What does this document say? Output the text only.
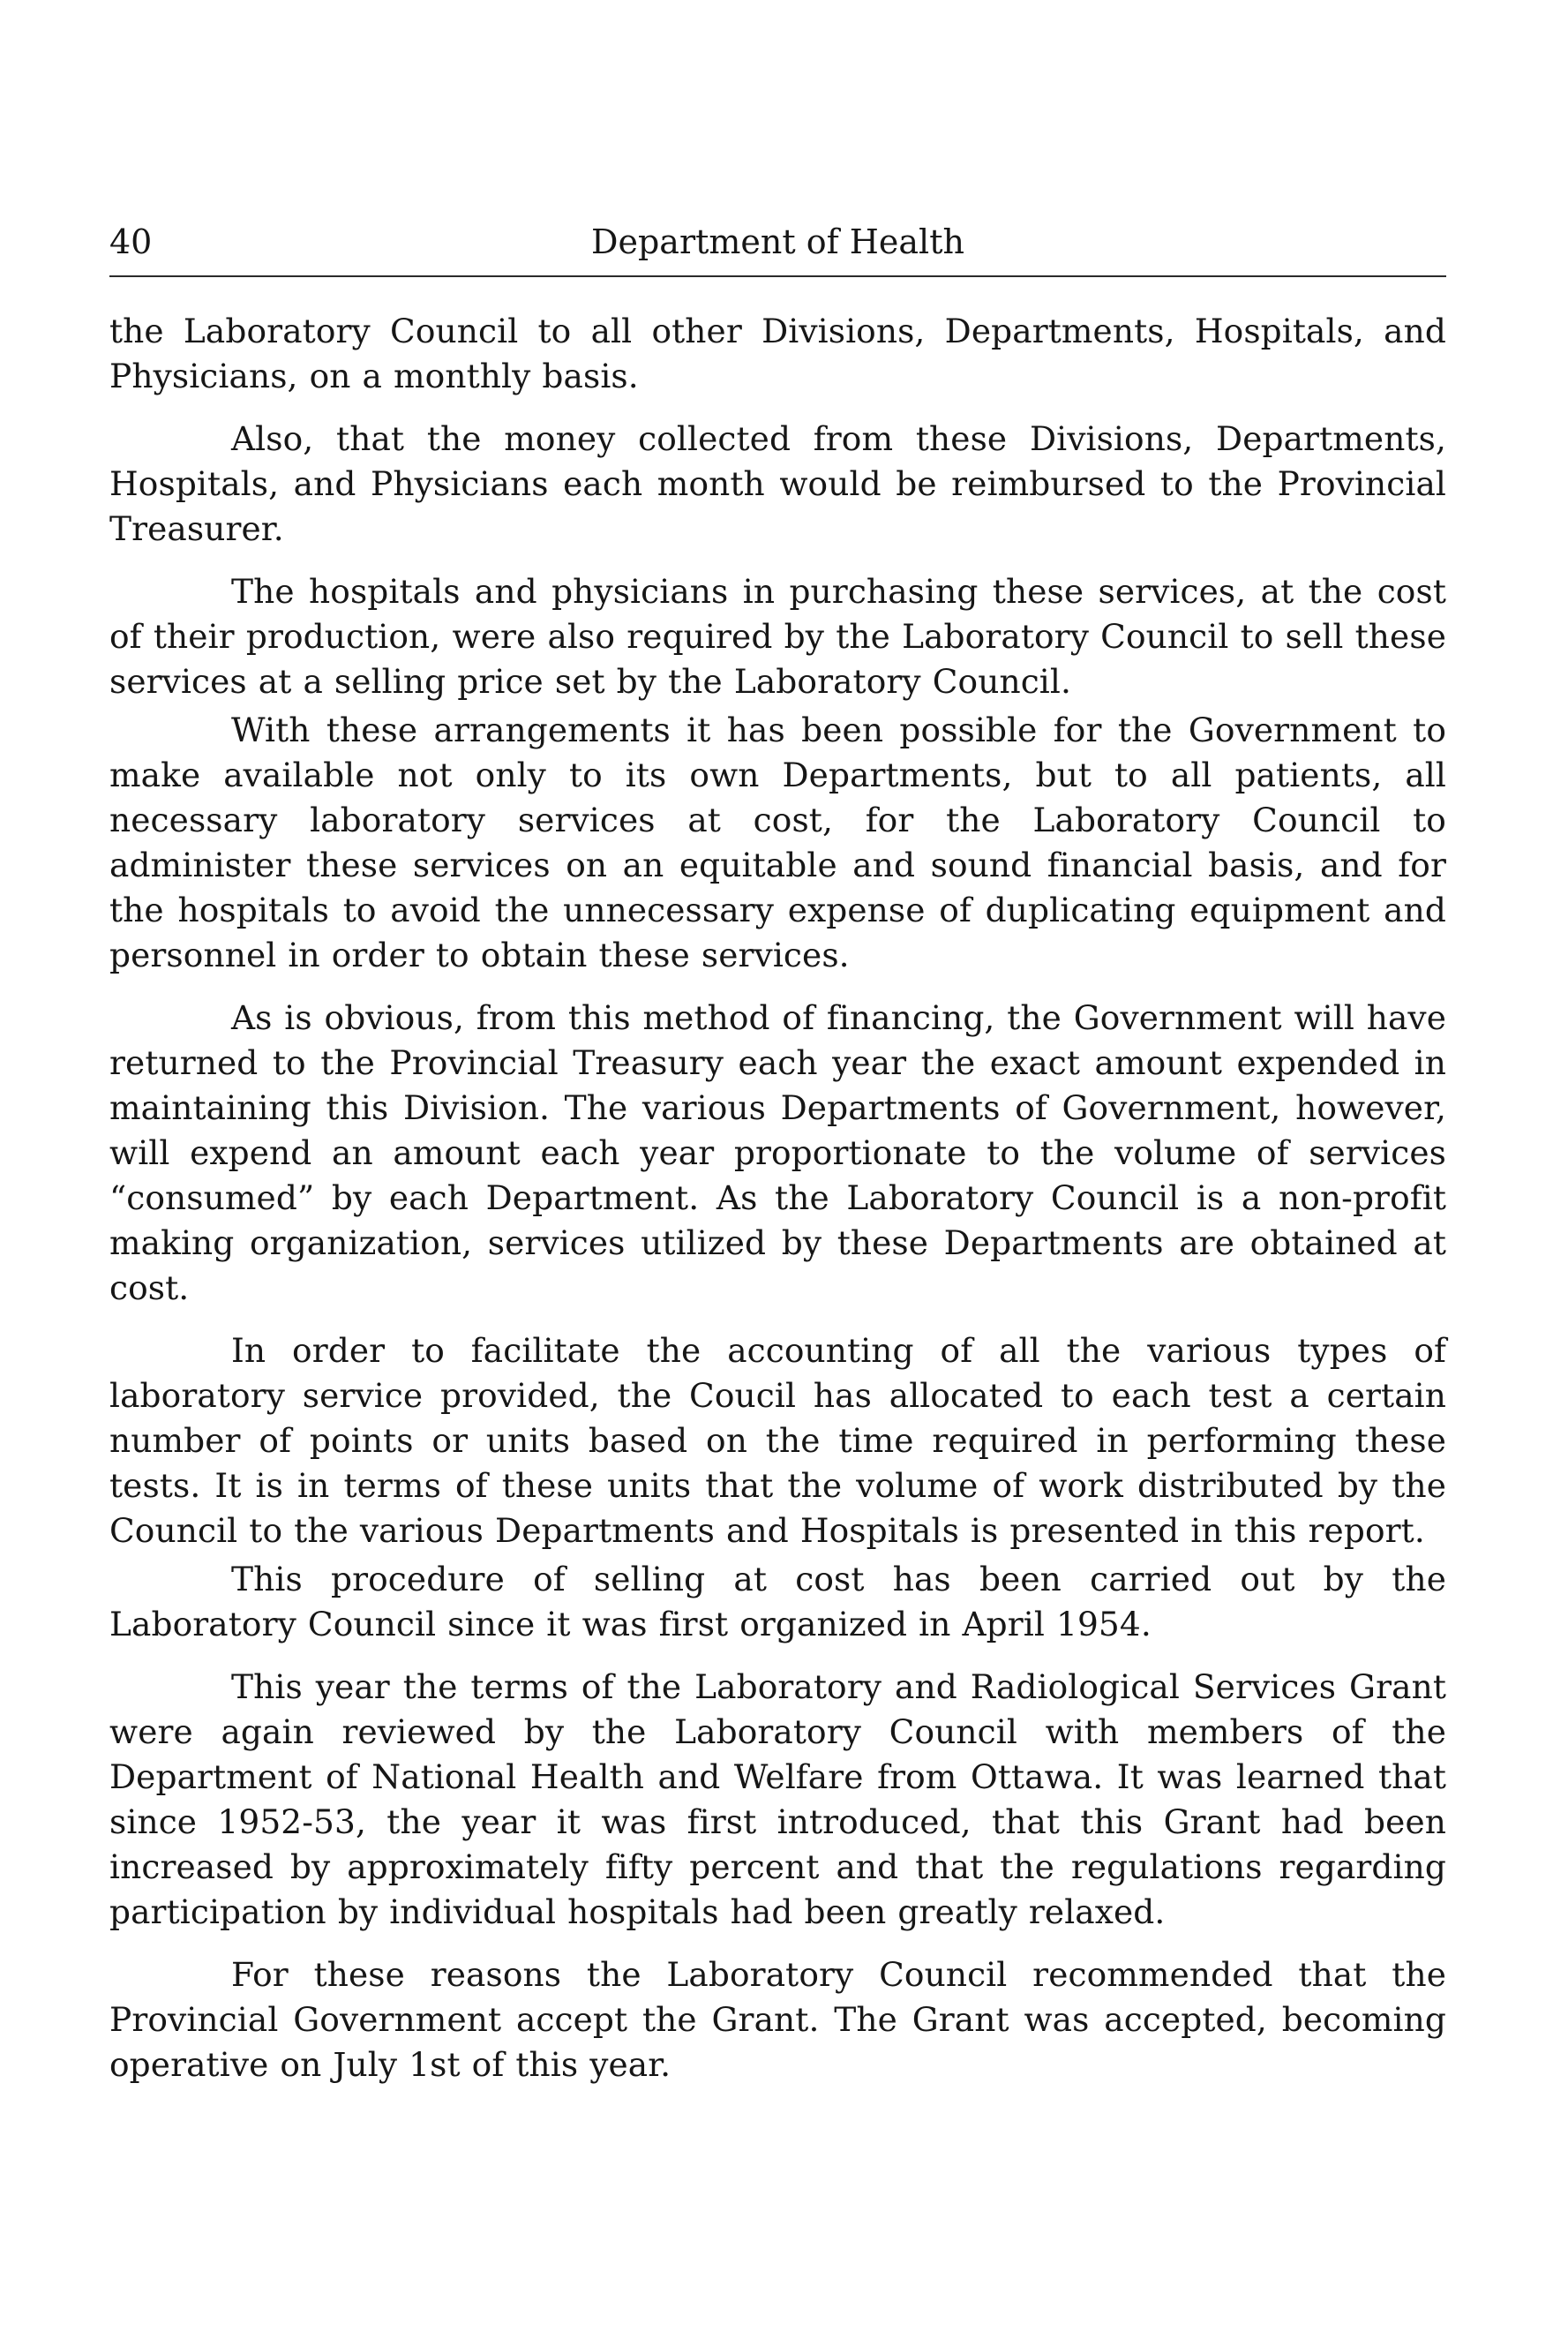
40	Department of Health

the Laboratory Council to all other Divisions, Departments, Hospitals, and Physicians, on a monthly basis.

Also, that the money collected from these Divisions, Departments, Hospitals, and Physicians each month would be reimbursed to the Provincial Treasurer.

The hospitals and physicians in purchasing these services, at the cost of their production, were also required by the Laboratory Council to sell these services at a selling price set by the Laboratory Council.

With these arrangements it has been possible for the Government to make available not only to its own Departments, but to all patients, all necessary laboratory services at cost, for the Laboratory Council to administer these services on an equitable and sound financial basis, and for the hospitals to avoid the unnecessary expense of duplicating equipment and personnel in order to obtain these services.

As is obvious, from this method of financing, the Government will have returned to the Provincial Treasury each year the exact amount expended in maintaining this Division. The various Departments of Government, however, will expend an amount each year proportionate to the volume of services “consumed” by each Department. As the Laboratory Council is a non-profit making organization, services utilized by these Departments are obtained at cost.

In order to facilitate the accounting of all the various types of laboratory service provided, the Coucil has allocated to each test a certain number of points or units based on the time required in performing these tests. It is in terms of these units that the volume of work distributed by the Council to the various Departments and Hospitals is presented in this report.

This procedure of selling at cost has been carried out by the Laboratory Council since it was first organized in April 1954.

This year the terms of the Laboratory and Radiological Services Grant were again reviewed by the Laboratory Council with members of the Department of National Health and Welfare from Ottawa. It was learned that since 1952-53, the year it was first introduced, that this Grant had been increased by approximately fifty percent and that the regulations regarding participation by individual hospitals had been greatly relaxed.

For these reasons the Laboratory Council recommended that the Provincial Government accept the Grant. The Grant was accepted, becoming operative on July 1st of this year.
